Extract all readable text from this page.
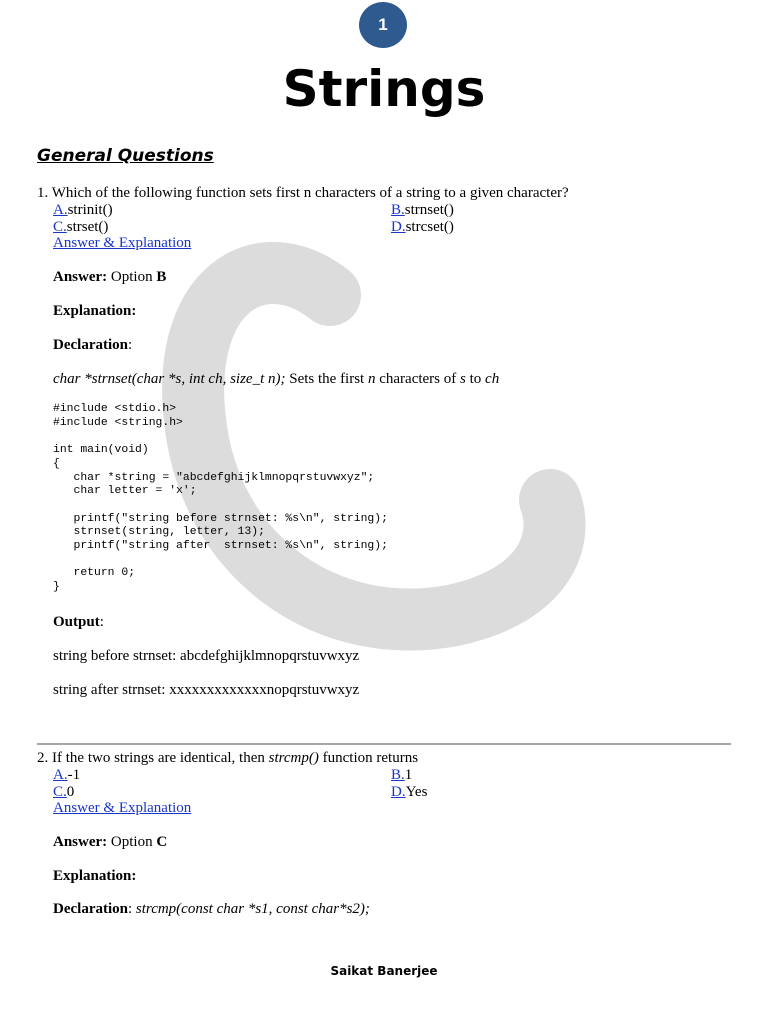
1
Strings
General Questions
1. Which of the following function sets first n characters of a string to a given character?
A.strinit()	B.strnset()
C.strset()	D.strcset()
Answer & Explanation
Answer: Option B
Explanation:
Declaration:
char *strnset(char *s, int ch, size_t n); Sets the first n characters of s to ch
#include <stdio.h>
#include <string.h>

int main(void)
{
char *string = "abcdefghijklmnopqrstuvwxyz";
char letter = 'x';

printf("string before strnset: %s\n", string);
strnset(string, letter, 13);
printf("string after  strnset: %s\n", string);

return 0;
}
Output:
string before strnset: abcdefghijklmnopqrstuvwxyz
string after strnset: xxxxxxxxxxxxxnopqrstuvwxyz
2. If the two strings are identical, then strcmp() function returns
A.-1	B.1
C.0	D.Yes
Answer & Explanation
Answer: Option C
Explanation:
Declaration: strcmp(const char *s1, const char*s2);
Saikat Banerjee
